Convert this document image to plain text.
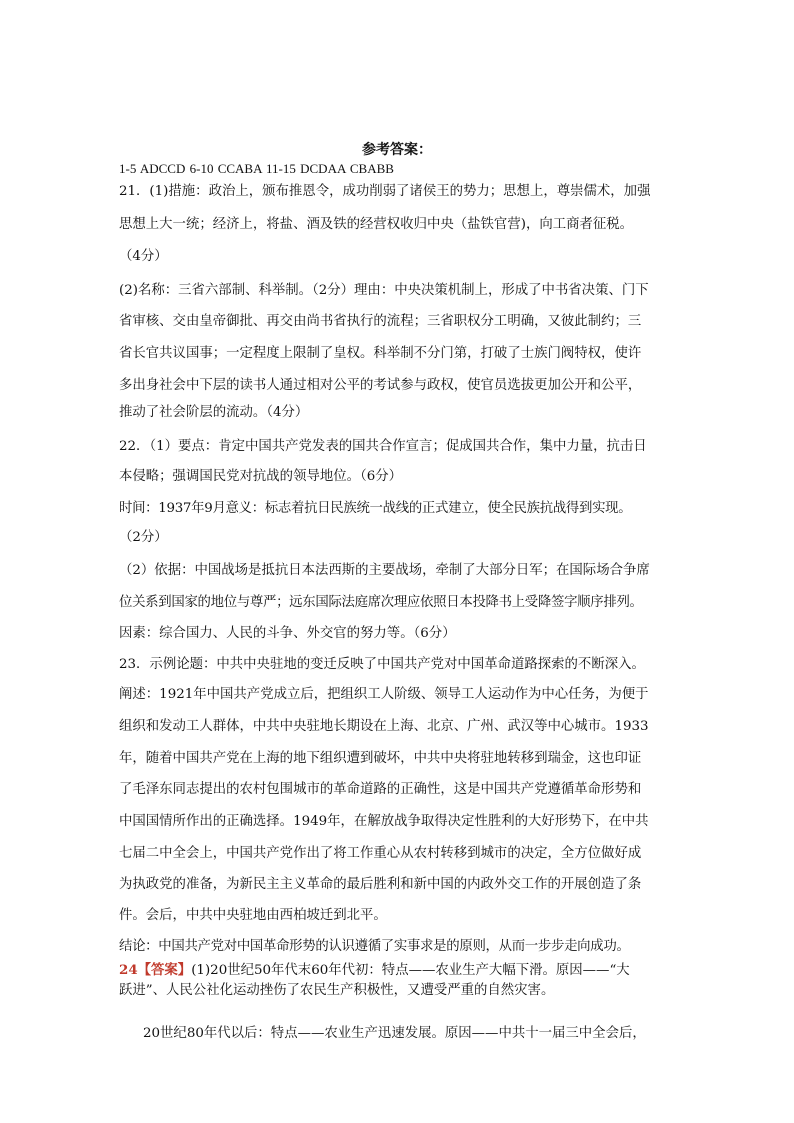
参考答案：
1-5 ADCCD 6-10 CCABA 11-15 DCDAA CBABB
21．(1)措施：政治上，颁布推恩令，成功削弱了诸侯王的势力；思想上，尊崇儒术，加强
思想上大一统；经济上，将盐、酒及铁的经营权收归中央（盐铁官营)，向工商者征税。
（4分）
(2)名称：三省六部制、科举制。（2分）理由：中央决策机制上，形成了中书省决策、门下
省审核、交由皇帝御批、再交由尚书省执行的流程；三省职权分工明确，又彼此制约；三
省长官共议国事；一定程度上限制了皇权。科举制不分门第，打破了士族门阀特权，使许
多出身社会中下层的读书人通过相对公平的考试参与政权，使官员选拔更加公开和公平，
推动了社会阶层的流动。（4分）
22．（1）要点：肯定中国共产党发表的国共合作宣言；促成国共合作，集中力量，抗击日
本侵略；强调国民党对抗战的领导地位。（6分）
时间：1937年9月意义：标志着抗日民族统一战线的正式建立，使全民族抗战得到实现。
（2分）
（2）依据：中国战场是抵抗日本法西斯的主要战场，牵制了大部分日军；在国际场合争席
位关系到国家的地位与尊严；远东国际法庭席次理应依照日本投降书上受降签字顺序排列。
因素：综合国力、人民的斗争、外交官的努力等。（6分）
23．示例论题：中共中央驻地的变迁反映了中国共产党对中国革命道路探索的不断深入。
阐述：1921年中国共产党成立后，把组织工人阶级、领导工人运动作为中心任务，为便于
组织和发动工人群体，中共中央驻地长期设在上海、北京、广州、武汉等中心城市。1933
年，随着中国共产党在上海的地下组织遭到破坏，中共中央将驻地转移到瑞金，这也印证
了毛泽东同志提出的农村包围城市的革命道路的正确性，这是中国共产党遵循革命形势和
中国国情所作出的正确选择。1949年，在解放战争取得决定性胜利的大好形势下，在中共
七届二中全会上，中国共产党作出了将工作重心从农村转移到城市的决定，全方位做好成
为执政党的准备，为新民主主义革命的最后胜利和新中国的内政外交工作的开展创造了条
件。会后，中共中央驻地由西柏坡迁到北平。
结论：中国共产党对中国革命形势的认识遵循了实事求是的原则，从而一步步走向成功。
24【答案】(1)20世纪50年代末60年代初：特点——农业生产大幅下滑。原因——“大
跃进”、人民公社化运动挫伤了农民生产积极性，又遭受严重的自然灾害。
20世纪80年代以后：特点——农业生产迅速发展。原因——中共十一届三中全会后，
